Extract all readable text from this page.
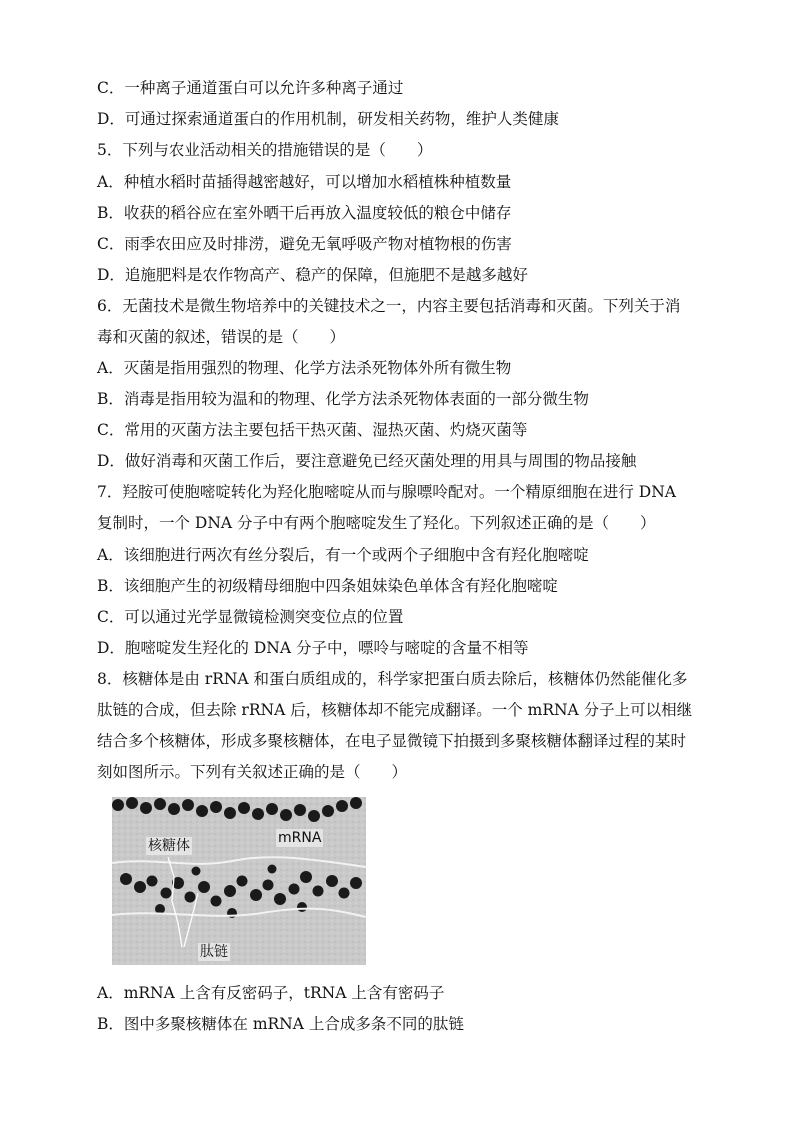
C．一种离子通道蛋白可以允许多种离子通过
D．可通过探索通道蛋白的作用机制，研发相关药物，维护人类健康
5．下列与农业活动相关的措施错误的是（　　）
A．种植水稻时苗插得越密越好，可以增加水稻植株种植数量
B．收获的稻谷应在室外晒干后再放入温度较低的粮仓中储存
C．雨季农田应及时排涝，避免无氧呼吸产物对植物根的伤害
D．追施肥料是农作物高产、稳产的保障，但施肥不是越多越好
6．无菌技术是微生物培养中的关键技术之一，内容主要包括消毒和灭菌。下列关于消
毒和灭菌的叙述，错误的是（　　）
A．灭菌是指用强烈的物理、化学方法杀死物体外所有微生物
B．消毒是指用较为温和的物理、化学方法杀死物体表面的一部分微生物
C．常用的灭菌方法主要包括干热灭菌、湿热灭菌、灼烧灭菌等
D．做好消毒和灭菌工作后，要注意避免已经灭菌处理的用具与周围的物品接触
7．羟胺可使胞嘧啶转化为羟化胞嘧啶从而与腺嘌呤配对。一个精原细胞在进行 DNA
复制时，一个 DNA 分子中有两个胞嘧啶发生了羟化。下列叙述正确的是（　　）
A．该细胞进行两次有丝分裂后，有一个或两个子细胞中含有羟化胞嘧啶
B．该细胞产生的初级精母细胞中四条姐妹染色单体含有羟化胞嘧啶
C．可以通过光学显微镜检测突变位点的位置
D．胞嘧啶发生羟化的 DNA 分子中，嘌呤与嘧啶的含量不相等
8．核糖体是由 rRNA 和蛋白质组成的，科学家把蛋白质去除后，核糖体仍然能催化多
肽链的合成，但去除 rRNA 后，核糖体却不能完成翻译。一个 mRNA 分子上可以相继
结合多个核糖体，形成多聚核糖体，在电子显微镜下拍摄到多聚核糖体翻译过程的某时
刻如图所示。下列有关叙述正确的是（　　）
核糖体	mRNA
肽链
A．mRNA 上含有反密码子，tRNA 上含有密码子
B．图中多聚核糖体在 mRNA 上合成多条不同的肽链
